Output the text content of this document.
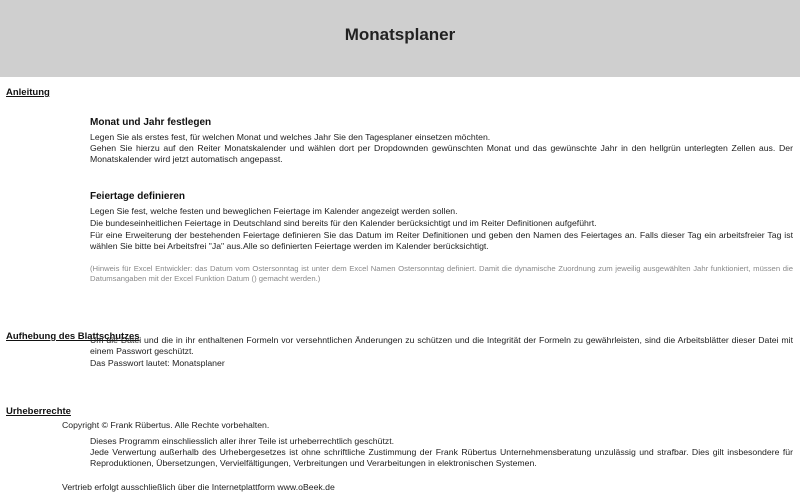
Monatsplaner
Anleitung
Monat und Jahr festlegen
Legen Sie als erstes fest, für welchen Monat und welches Jahr Sie den Tagesplaner einsetzen möchten.
Gehen Sie hierzu auf den Reiter Monatskalender und wählen dort per Dropdownden gewünschten Monat und das gewünschte Jahr in den hellgrün unterlegten Zellen aus. Der Monatskalender wird jetzt automatisch angepasst.
Feiertage definieren
Legen Sie fest, welche festen und beweglichen Feiertage im Kalender angezeigt werden sollen.
Die bundeseinheitlichen Feiertage in Deutschland sind bereits für den Kalender berücksichtigt und im Reiter Definitionen aufgeführt.
Für eine Erweiterung der bestehenden Feiertage definieren Sie das Datum im Reiter Definitionen und geben den Namen des Feiertages an. Falls dieser Tag ein arbeitsfreier Tag ist wählen Sie bitte bei Arbeitsfrei "Ja" aus.Alle so definierten Feiertage werden im Kalender berücksichtigt.
(Hinweis für Excel Entwickler: das Datum vom Ostersonntag ist unter dem Excel Namen Ostersonntag definiert. Damit die dynamische Zuordnung zum jeweilig ausgewählten Jahr funktioniert, müssen die Datumsangaben mit der Excel Funktion Datum () gemacht werden.)
Aufhebung des Blattschutzes
Um die Datei und die in ihr enthaltenen Formeln vor versehntlichen Änderungen zu schützen und die Integrität der Formeln zu gewährleisten, sind die Arbeitsblätter dieser Datei mit einem Passwort geschützt.
Das Passwort lautet: Monatsplaner
Urheberrechte
Copyright © Frank Rübertus. Alle Rechte vorbehalten.
Dieses Programm einschliesslich aller ihrer Teile ist urheberrechtlich geschützt.
Jede Verwertung außerhalb des Urhebergesetzes ist ohne schriftliche Zustimmung der Frank Rübertus Unternehmensberatung unzulässig und strafbar. Dies gilt insbesondere für Reproduktionen, Übersetzungen, Vervielfältigungen, Verbreitungen und Verarbeitungen in elektronischen Systemen.
Vertrieb erfolgt ausschließlich über die Internetplattform www.oBeek.de
